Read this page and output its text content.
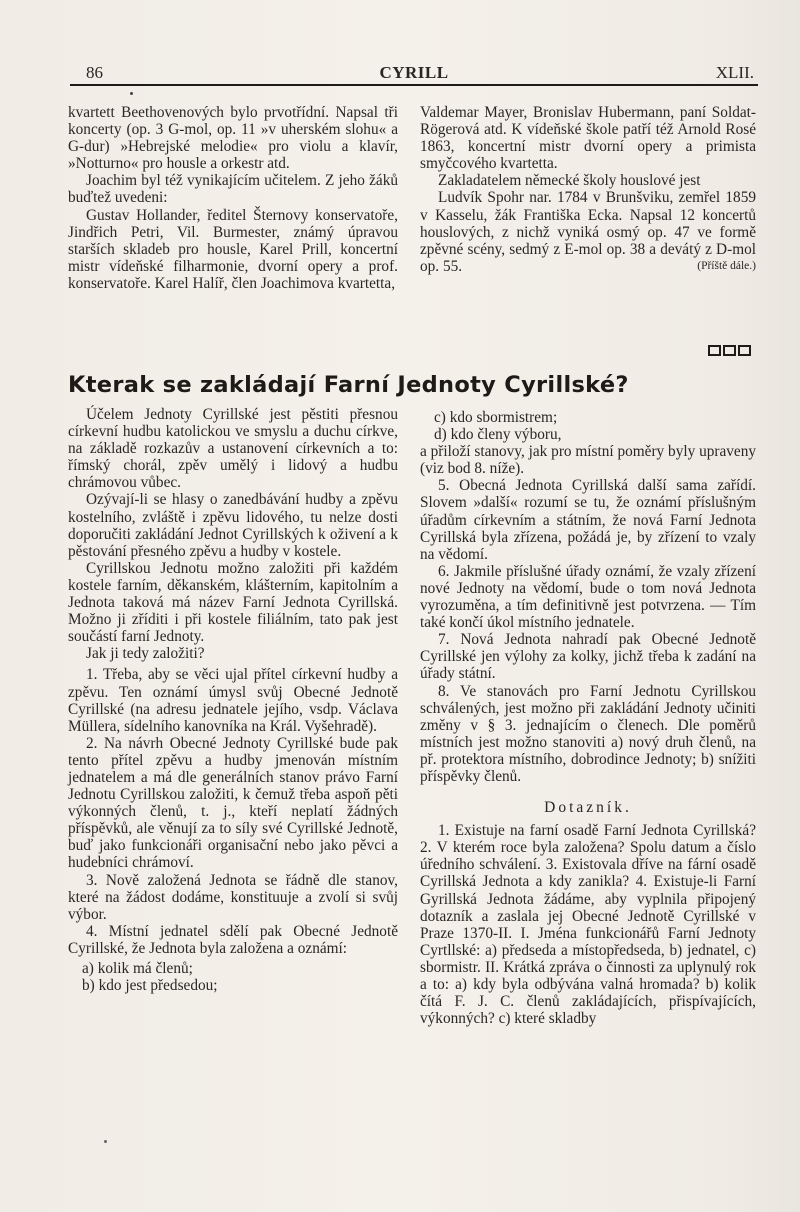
86	CYRILL	XLII.

kvartett Beethovenových bylo prvotřídní. Napsal tři koncerty (op. 3 G-mol, op. 11 »v uherském slohu« a G-dur) »Hebrejské melodie« pro violu a klavír, »Notturno« pro housle a orkestr atd.

Joachim byl též vynikajícím učitelem. Z jeho žáků buďtež uvedeni:

Gustav Hollander, ředitel Šternovy konservatoře, Jindřich Petri, Vil. Burmester, známý úpravou starších skladeb pro housle, Karel Prill, koncertní mistr vídeňské filharmonie, dvorní opery a prof. konservatoře. Karel Halíř, člen Joachimova kvartetta,

Valdemar Mayer, Bronislav Hubermann, paní Soldat-Rögerová atd. K vídeňské škole patří též Arnold Rosé 1863, koncertní mistr dvorní opery a primista smyčcového kvartetta.

Zakladatelem německé školy houslové jest

Ludvík Spohr nar. 1784 v Brunšviku, zemřel 1859 v Kasselu, žák Františka Ecka. Napsal 12 koncertů houslových, z nichž vyniká osmý op. 47 ve formě zpěvné scény, sedmý z E-mol op. 38 a devátý z D-mol op. 55.	(Příště dále.)

Kterak se zakládají Farní Jednoty Cyrillské?

Účelem Jednoty Cyrillské jest pěstiti přesnou církevní hudbu katolickou ve smyslu a duchu církve, na základě rozkazův a ustanovení církevních a to: římský chorál, zpěv umělý i lidový a hudbu chrámovou vůbec.

Ozývají-li se hlasy o zanedbávání hudby a zpěvu kostelního, zvláště i zpěvu lidového, tu nelze dosti doporučiti zakládání Jednot Cyrillských k oživení a k pěstování přesného zpěvu a hudby v kostele.

Cyrillskou Jednotu možno založiti při každém kostele farním, děkanském, klášterním, kapitolním a Jednota taková má název Farní Jednota Cyrillská. Možno ji zříditi i při kostele filiálním, tato pak jest součástí farní Jednoty.

Jak ji tedy založiti?

1. Třeba, aby se věci ujal přítel církevní hudby a zpěvu. Ten oznámí úmysl svůj Obecné Jednotě Cyrillské (na adresu jednatele jejího, vsdp. Václava Müllera, sídelního kanovníka na Král. Vyšehradě).

2. Na návrh Obecné Jednoty Cyrillské bude pak tento přítel zpěvu a hudby jmenován místním jednatelem a má dle generálních stanov právo Farní Jednotu Cyrillskou založiti, k čemuž třeba aspoň pěti výkonných členů, t. j., kteří neplatí žádných příspěvků, ale věnují za to síly své Cyrillské Jednotě, buď jako funkcionáři organisační nebo jako pěvci a hudebníci chrámoví.

3. Nově založená Jednota se řádně dle stanov, které na žádost dodáme, konstituuje a zvolí si svůj výbor.

4. Místní jednatel sdělí pak Obecné Jednotě Cyrillské, že Jednota byla založena a oznámí:

a) kolik má členů;

b) kdo jest předsedou;

c) kdo sbormistrem;

d) kdo členy výboru,

a přiloží stanovy, jak pro místní poměry byly upraveny (viz bod 8. níže).

5. Obecná Jednota Cyrillská další sama zařídí. Slovem »další« rozumí se tu, že oznámí příslušným úřadům církevním a státním, že nová Farní Jednota Cyrillská byla zřízena, požádá je, by zřízení to vzaly na vědomí.

6. Jakmile příslušné úřady oznámí, že vzaly zřízení nové Jednoty na vědomí, bude o tom nová Jednota vyrozuměna, a tím definitivně jest potvrzena. — Tím také končí úkol místního jednatele.

7. Nová Jednota nahradí pak Obecné Jednotě Cyrillské jen výlohy za kolky, jichž třeba k zadání na úřady státní.

8. Ve stanovách pro Farní Jednotu Cyrillskou schválených, jest možno při zakládání Jednoty učiniti změny v § 3. jednajícím o členech. Dle poměrů místních jest možno stanoviti a) nový druh členů, na př. protektora místního, dobrodince Jednoty; b) snížiti příspěvky členů.

Dotazník.

1. Existuje na farní osadě Farní Jednota Cyrillská? 2. V kterém roce byla založena? Spolu datum a číslo úředního schválení. 3. Existovala dříve na fární osadě Cyrillská Jednota a kdy zanikla? 4. Existuje-li Farní Gyrillská Jednota žádáme, aby vyplnila připojený dotazník a zaslala jej Obecné Jednotě Cyrillské v Praze 1370-II. I. Jména funkcionářů Farní Jednoty Cyrtllské: a) předseda a místopředseda, b) jednatel, c) sbormistr. II. Krátká zpráva o činnosti za uplynulý rok a to: a) kdy byla odbývána valná hromada? b) kolik čítá F. J. C. členů zakládajících, přispívajících, výkonných? c) které skladby
